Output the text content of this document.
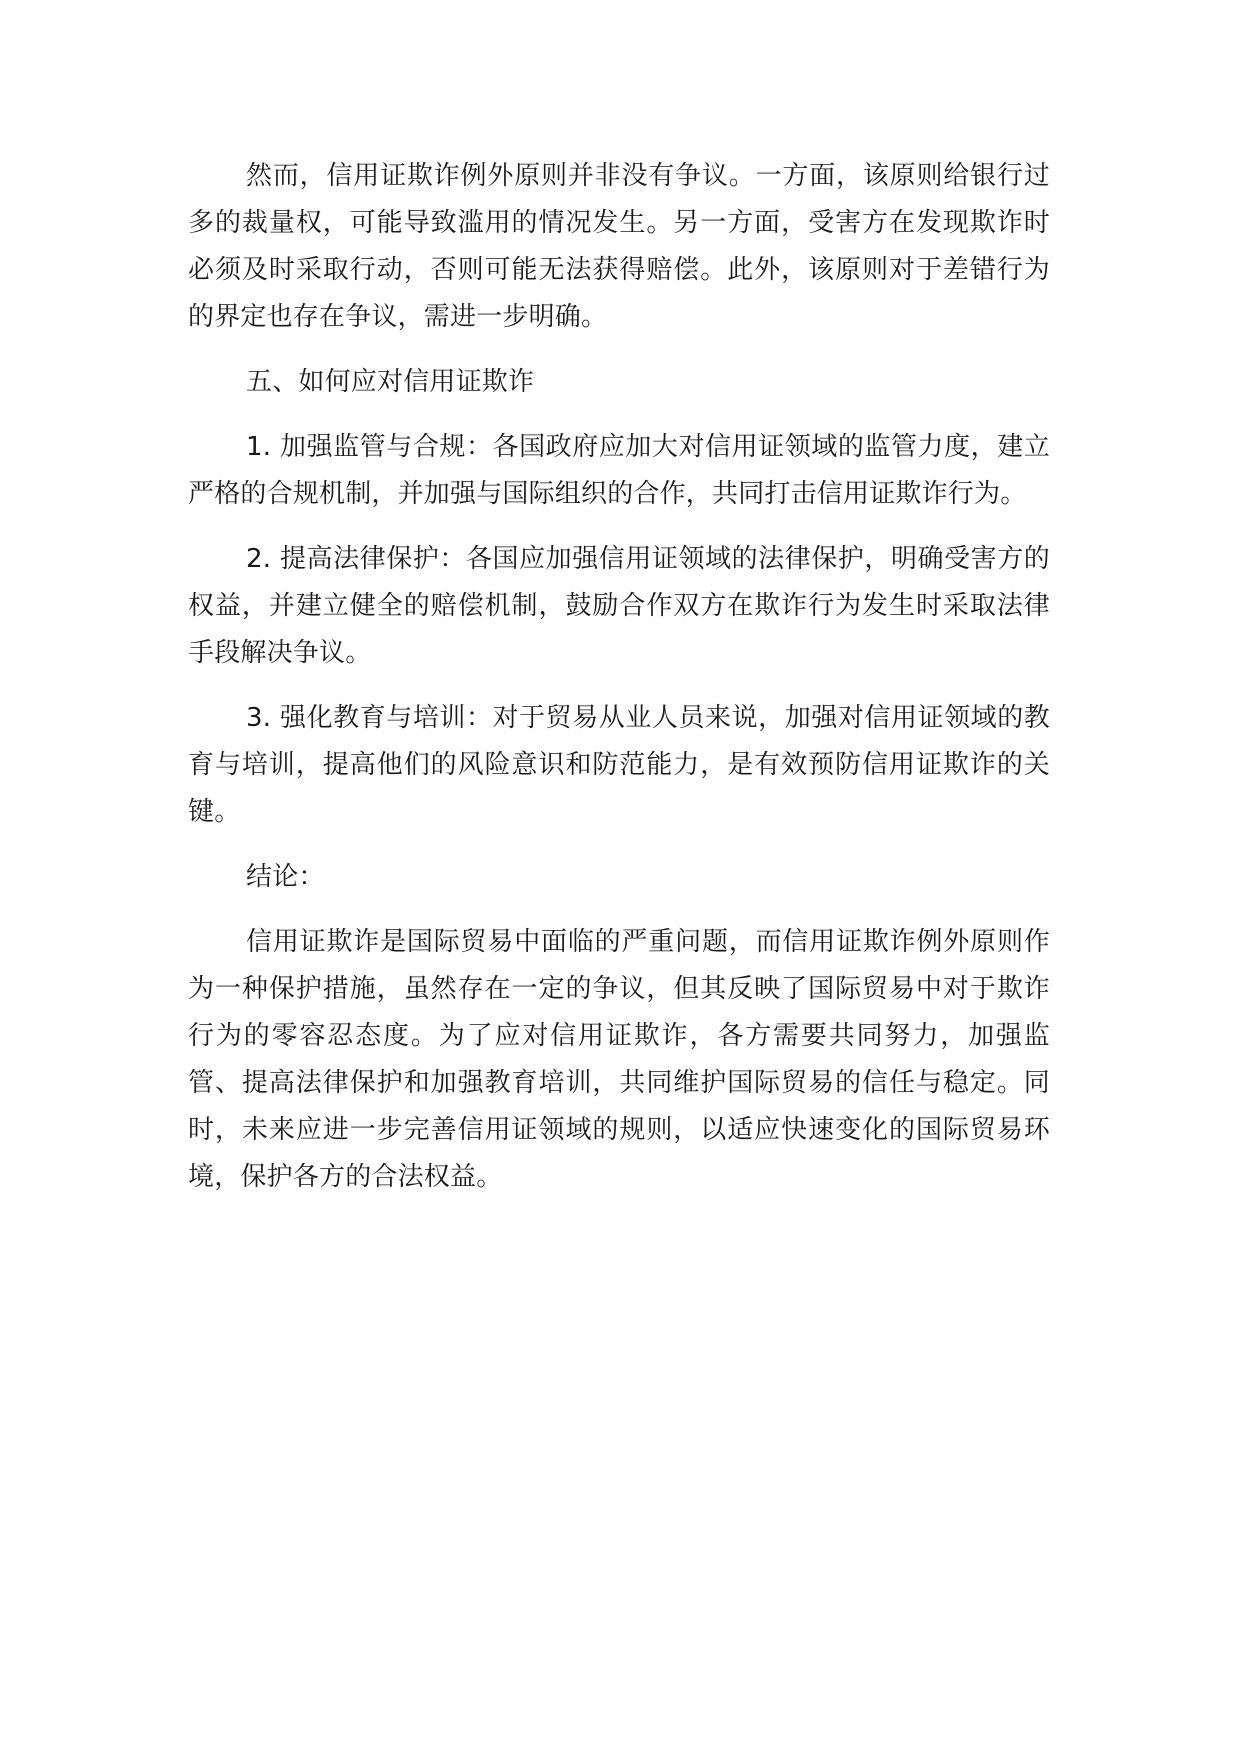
然而，信用证欺诈例外原则并非没有争议。一方面，该原则给银行过多的裁量权，可能导致滥用的情况发生。另一方面，受害方在发现欺诈时必须及时采取行动，否则可能无法获得赔偿。此外，该原则对于差错行为的界定也存在争议，需进一步明确。

五、如何应对信用证欺诈

1. 加强监管与合规：各国政府应加大对信用证领域的监管力度，建立严格的合规机制，并加强与国际组织的合作，共同打击信用证欺诈行为。

2. 提高法律保护：各国应加强信用证领域的法律保护，明确受害方的权益，并建立健全的赔偿机制，鼓励合作双方在欺诈行为发生时采取法律手段解决争议。

3. 强化教育与培训：对于贸易从业人员来说，加强对信用证领域的教育与培训，提高他们的风险意识和防范能力，是有效预防信用证欺诈的关键。

结论：

信用证欺诈是国际贸易中面临的严重问题，而信用证欺诈例外原则作为一种保护措施，虽然存在一定的争议，但其反映了国际贸易中对于欺诈行为的零容忍态度。为了应对信用证欺诈，各方需要共同努力，加强监管、提高法律保护和加强教育培训，共同维护国际贸易的信任与稳定。同时，未来应进一步完善信用证领域的规则，以适应快速变化的国际贸易环境，保护各方的合法权益。
